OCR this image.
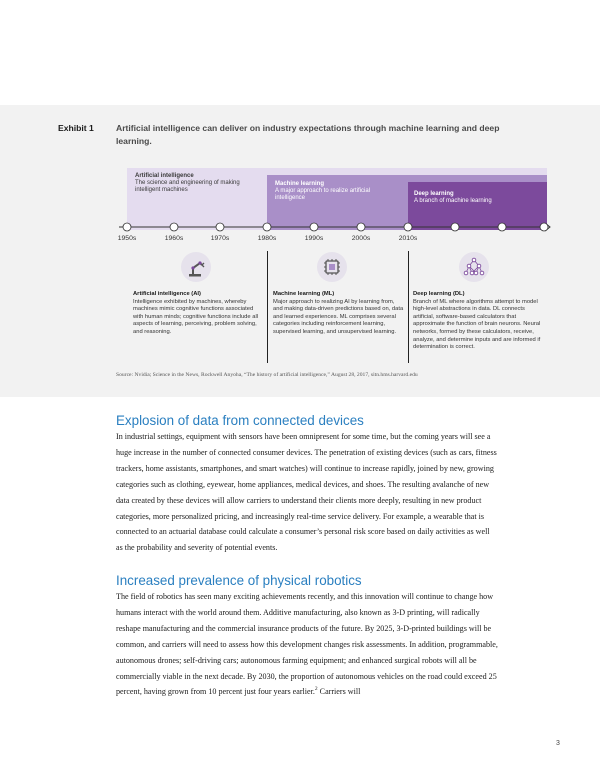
Exhibit 1	Artificial intelligence can deliver on industry expectations through machine learning and deep learning.
Artificial intelligence
The science and engineering of making intelligent machines
Machine learning
A major approach to realize artificial intelligence
Deep learning
A branch of machine learning
1950s	1960s	1970s	1980s	1990s	2000s	2010s
Artificial intelligence (AI)
Intelligence exhibited by machines, whereby machines mimic cognitive functions associated with human minds; cognitive functions include all aspects of learning, perceiving, problem solving, and reasoning.
Machine learning (ML)
Major approach to realizing AI by learning from, and making data-driven predictions based on, data and learned experiences. ML comprises several categories including reinforcement learning, supervised learning, and unsupervised learning.
Deep learning (DL)
Branch of ML where algorithms attempt to model high-level abstractions in data. DL connects artificial, software-based calculators that approximate the function of brain neurons. Neural networks, formed by these calculators, receive, analyze, and determine inputs and are informed if determination is correct.
Source: Nvidia; Science in the News, Rockwell Anyoha, “The history of artificial intelligence,” August 28, 2017, sitn.hms.harvard.edu
Explosion of data from connected devices
In industrial settings, equipment with sensors have been omnipresent for some time, but the coming years will see a huge increase in the number of connected consumer devices. The penetration of existing devices (such as cars, fitness trackers, home assistants, smartphones, and smart watches) will continue to increase rapidly, joined by new, growing categories such as clothing, eyewear, home appliances, medical devices, and shoes. The resulting avalanche of new data created by these devices will allow carriers to understand their clients more deeply, resulting in new product categories, more personalized pricing, and increasingly real-time service delivery. For example, a wearable that is connected to an actuarial database could calculate a consumer’s personal risk score based on daily activities as well as the probability and severity of potential events.
Increased prevalence of physical robotics
The field of robotics has seen many exciting achievements recently, and this innovation will continue to change how humans interact with the world around them. Additive manufacturing, also known as 3-D printing, will radically reshape manufacturing and the commercial insurance products of the future. By 2025, 3-D-printed buildings will be common, and carriers will need to assess how this development changes risk assessments. In addition, programmable, autonomous drones; self-driving cars; autonomous farming equipment; and enhanced surgical robots will all be commercially viable in the next decade. By 2030, the proportion of autonomous vehicles on the road could exceed 25 percent, having grown from 10 percent just four years earlier.$^2$ Carriers will
3
